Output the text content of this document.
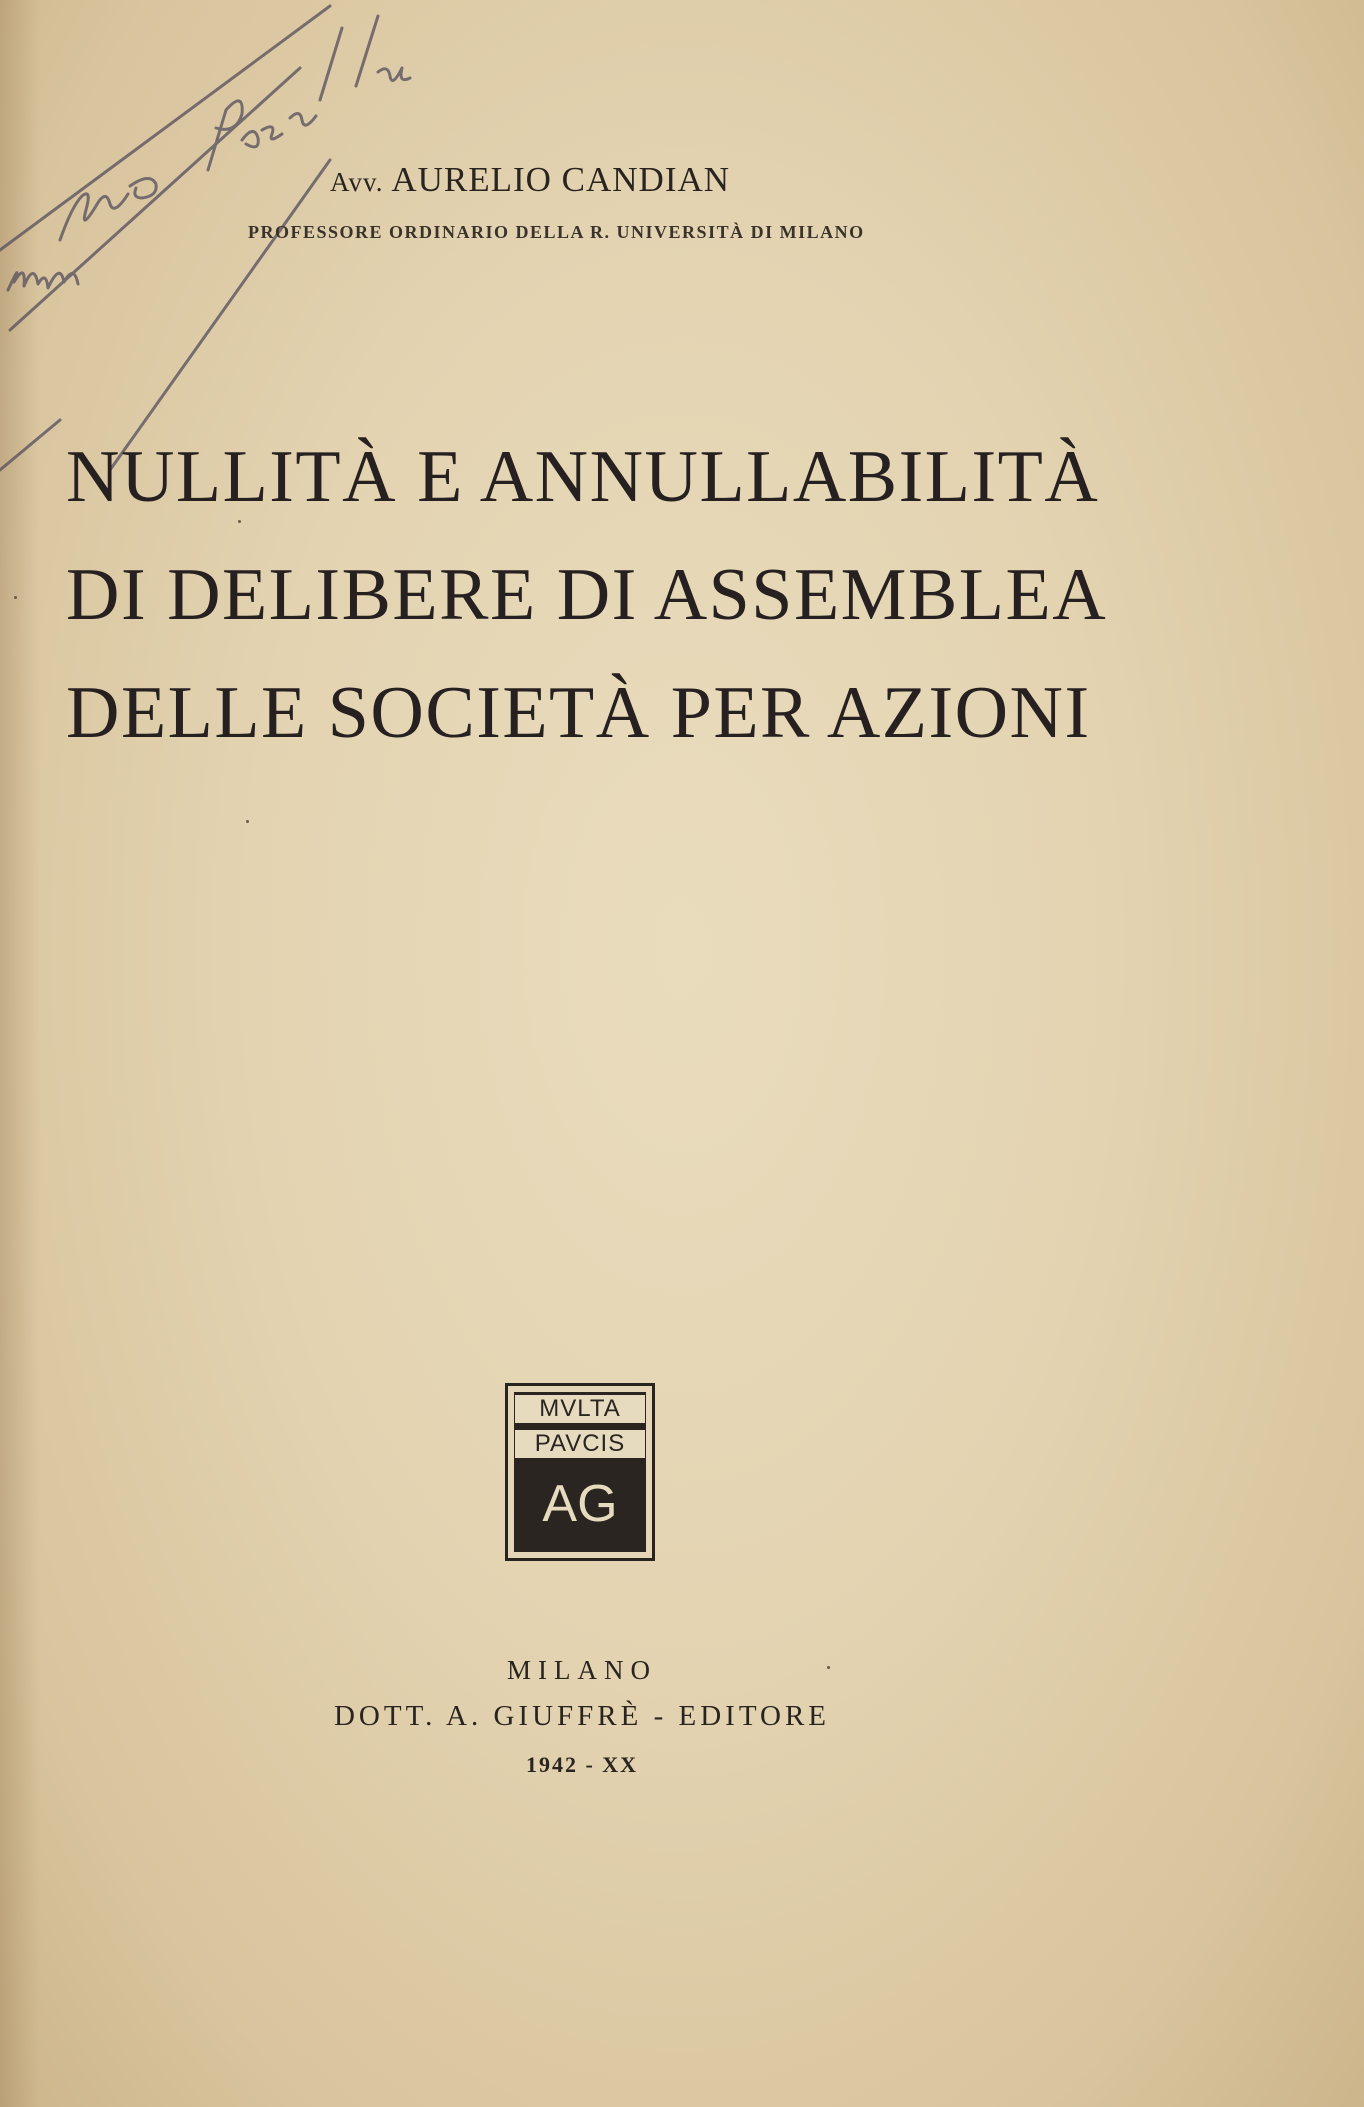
Avv. AURELIO CANDIAN
PROFESSORE ORDINARIO DELLA R. UNIVERSITÀ DI MILANO
NULLITÀ E ANNULLABILITÀ
DI DELIBERE DI ASSEMBLEA
DELLE SOCIETÀ PER AZIONI
MVLTA
PAVCIS
AG
MILANO
DOTT. A. GIUFFRÈ - EDITORE
1942 - XX
